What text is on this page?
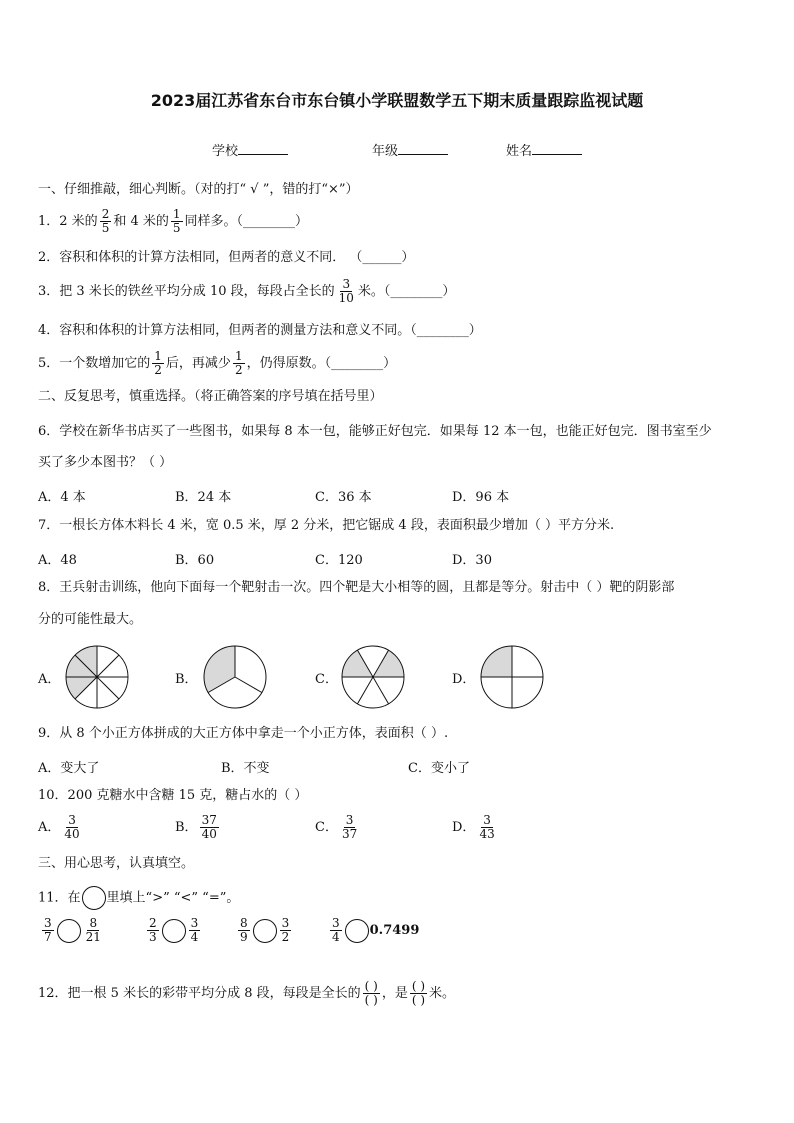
2023届江苏省东台市东台镇小学联盟数学五下期末质量跟踪监视试题
学校	年级	姓名
一、仔细推敲，细心判断。（对的打“ √ ”，错的打“×”）
1．2 米的 $\frac{2}{5}$ 和 4 米的 $\frac{1}{5}$ 同样多。（________）
2．容积和体积的计算方法相同，但两者的意义不同． （______）
3．把 3 米长的铁丝平均分成 10 段，每段占全长的 $\frac{3}{10}$ 米。（________）
4．容积和体积的计算方法相同，但两者的测量方法和意义不同。（________）
5．一个数增加它的 $\frac{1}{2}$ 后，再减少 $\frac{1}{2}$ ，仍得原数。（________）
二、反复思考，慎重选择。（将正确答案的序号填在括号里）
6．学校在新华书店买了一些图书，如果每 8 本一包，能够正好包完．如果每 12 本一包，也能正好包完．图书室至少
买了多少本图书？（ ）
A．4 本	B．24 本	C．36 本	D．96 本
7．一根长方体木料长 4 米，宽 0.5 米，厚 2 分米，把它锯成 4 段，表面积最少增加（ ）平方分米.
A．48	B．60	C．120	D．30
8．王兵射击训练，他向下面每一个靶射击一次。四个靶是大小相等的圆，且都是等分。射击中（ ）靶的阴影部
分的可能性最大。
A．	B．	C．	D．
9．从 8 个小正方体拼成的大正方体中拿走一个小正方体，表面积（ ）.
A．变大了	B．不变	C．变小了
10．200 克糖水中含糖 15 克，糖占水的（ ）
A． $\frac{3}{40}$	B． $\frac{37}{40}$	C． $\frac{3}{37}$	D． $\frac{3}{43}$
三、用心思考，认真填空。
11．在 里填上“>” “<” “=”。
$\frac{3}{7}$	$\frac{8}{21}$	$\frac{2}{3}$	$\frac{3}{4}$	$\frac{8}{9}$	$\frac{3}{2}$	$\frac{3}{4} 0.7499$
12．把一根 5 米长的彩带平均分成 8 段，每段是全长的 $\frac{( )}{( )}$ ，是 $\frac{( )}{( )}$ 米。
